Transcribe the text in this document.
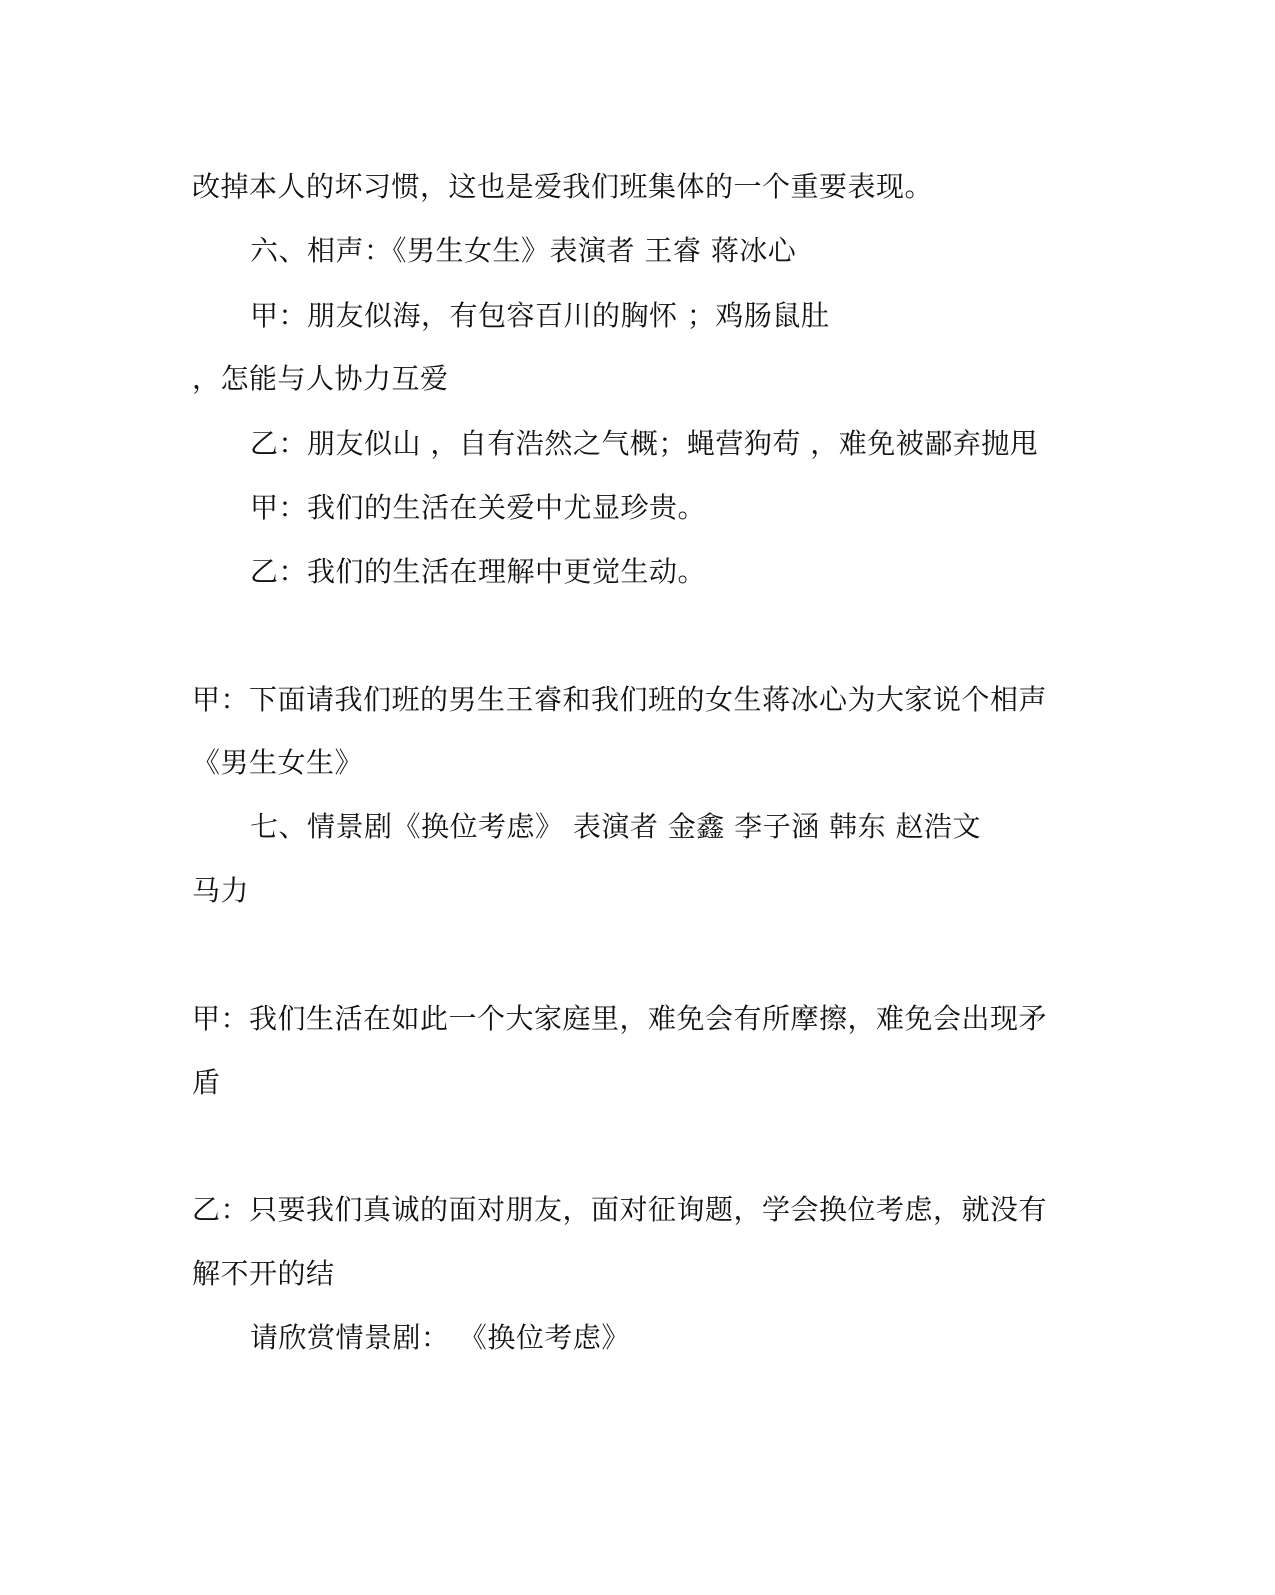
改掉本人的坏习惯，这也是爱我们班集体的一个重要表现。
六、相声：《男生女生》表演者 王睿 蒋冰心
甲：朋友似海，有包容百川的胸怀 ；鸡肠鼠肚
，怎能与人协力互爱
乙：朋友似山 ，自有浩然之气概；蝇营狗苟 ，难免被鄙弃抛甩
甲：我们的生活在关爱中尤显珍贵。
乙：我们的生活在理解中更觉生动。
甲：下面请我们班的男生王睿和我们班的女生蒋冰心为大家说个相声
《男生女生》
七、情景剧《换位考虑》 表演者 金鑫 李子涵 韩东 赵浩文
马力
甲：我们生活在如此一个大家庭里，难免会有所摩擦，难免会出现矛
盾
乙：只要我们真诚的面对朋友，面对征询题，学会换位考虑，就没有
解不开的结
请欣赏情景剧： 《换位考虑》
